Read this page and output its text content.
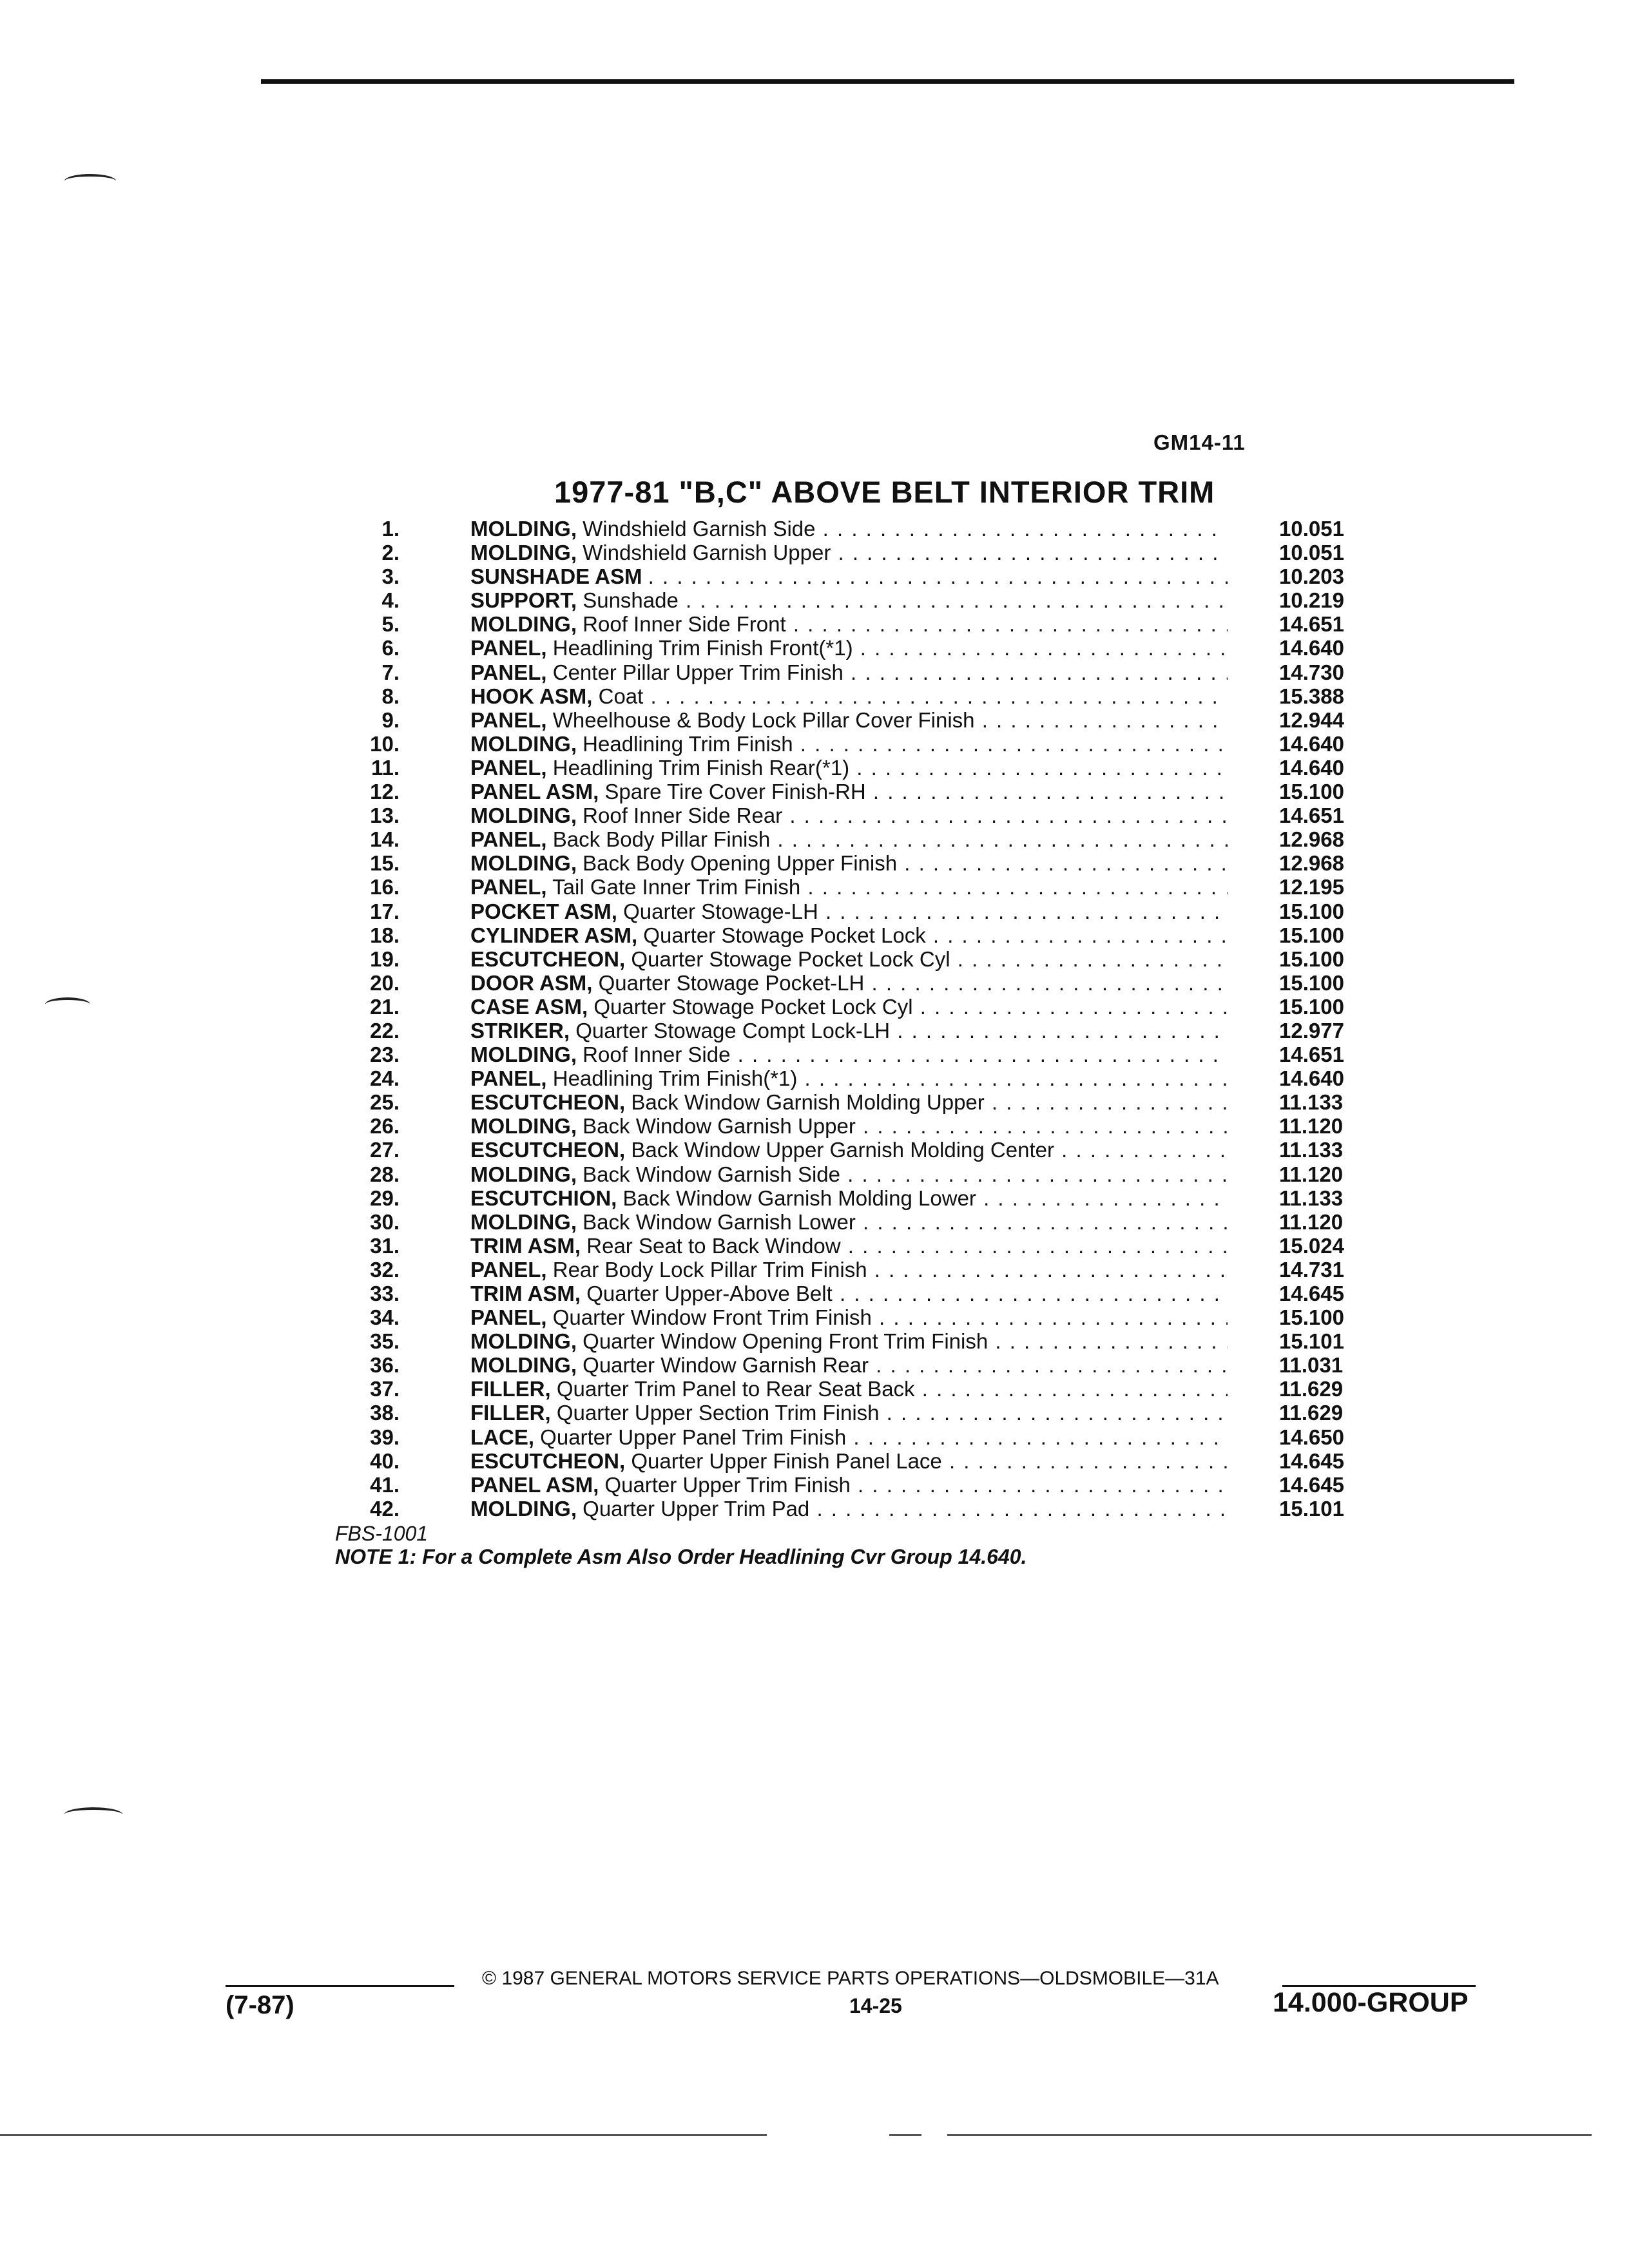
GM14-11
1977-81 "B,C" ABOVE BELT INTERIOR TRIM
1.	MOLDING, Windshield Garnish Side . . .	10.051
2.	MOLDING, Windshield Garnish Upper . . .	10.051
3.	SUNSHADE ASM . . .	10.203
4.	SUPPORT, Sunshade . . .	10.219
5.	MOLDING, Roof Inner Side Front . . .	14.651
6.	PANEL, Headlining Trim Finish Front(*1) . . .	14.640
7.	PANEL, Center Pillar Upper Trim Finish . . .	14.730
8.	HOOK ASM, Coat . . .	15.388
9.	PANEL, Wheelhouse & Body Lock Pillar Cover Finish . . .	12.944
10.	MOLDING, Headlining Trim Finish . . .	14.640
11.	PANEL, Headlining Trim Finish Rear(*1) . . .	14.640
12.	PANEL ASM, Spare Tire Cover Finish-RH . . .	15.100
13.	MOLDING, Roof Inner Side Rear . . .	14.651
14.	PANEL, Back Body Pillar Finish . . .	12.968
15.	MOLDING, Back Body Opening Upper Finish . . .	12.968
16.	PANEL, Tail Gate Inner Trim Finish . . .	12.195
17.	POCKET ASM, Quarter Stowage-LH . . .	15.100
18.	CYLINDER ASM, Quarter Stowage Pocket Lock . . .	15.100
19.	ESCUTCHEON, Quarter Stowage Pocket Lock Cyl . . .	15.100
20.	DOOR ASM, Quarter Stowage Pocket-LH . . .	15.100
21.	CASE ASM, Quarter Stowage Pocket Lock Cyl . . .	15.100
22.	STRIKER, Quarter Stowage Compt Lock-LH . . .	12.977
23.	MOLDING, Roof Inner Side . . .	14.651
24.	PANEL, Headlining Trim Finish(*1) . . .	14.640
25.	ESCUTCHEON, Back Window Garnish Molding Upper . . .	11.133
26.	MOLDING, Back Window Garnish Upper . . .	11.120
27.	ESCUTCHEON, Back Window Upper Garnish Molding Center . . .	11.133
28.	MOLDING, Back Window Garnish Side . . .	11.120
29.	ESCUTCHION, Back Window Garnish Molding Lower . . .	11.133
30.	MOLDING, Back Window Garnish Lower . . .	11.120
31.	TRIM ASM, Rear Seat to Back Window . . .	15.024
32.	PANEL, Rear Body Lock Pillar Trim Finish . . .	14.731
33.	TRIM ASM, Quarter Upper-Above Belt . . .	14.645
34.	PANEL, Quarter Window Front Trim Finish . . .	15.100
35.	MOLDING, Quarter Window Opening Front Trim Finish . . .	15.101
36.	MOLDING, Quarter Window Garnish Rear . . .	11.031
37.	FILLER, Quarter Trim Panel to Rear Seat Back . . .	11.629
38.	FILLER, Quarter Upper Section Trim Finish . . .	11.629
39.	LACE, Quarter Upper Panel Trim Finish . . .	14.650
40.	ESCUTCHEON, Quarter Upper Finish Panel Lace . . .	14.645
41.	PANEL ASM, Quarter Upper Trim Finish . . .	14.645
42.	MOLDING, Quarter Upper Trim Pad . . .	15.101
FBS-1001
NOTE 1: For a Complete Asm Also Order Headlining Cvr Group 14.640.
© 1987 GENERAL MOTORS SERVICE PARTS OPERATIONS—OLDSMOBILE—31A
(7-87)	14-25	14.000-GROUP
